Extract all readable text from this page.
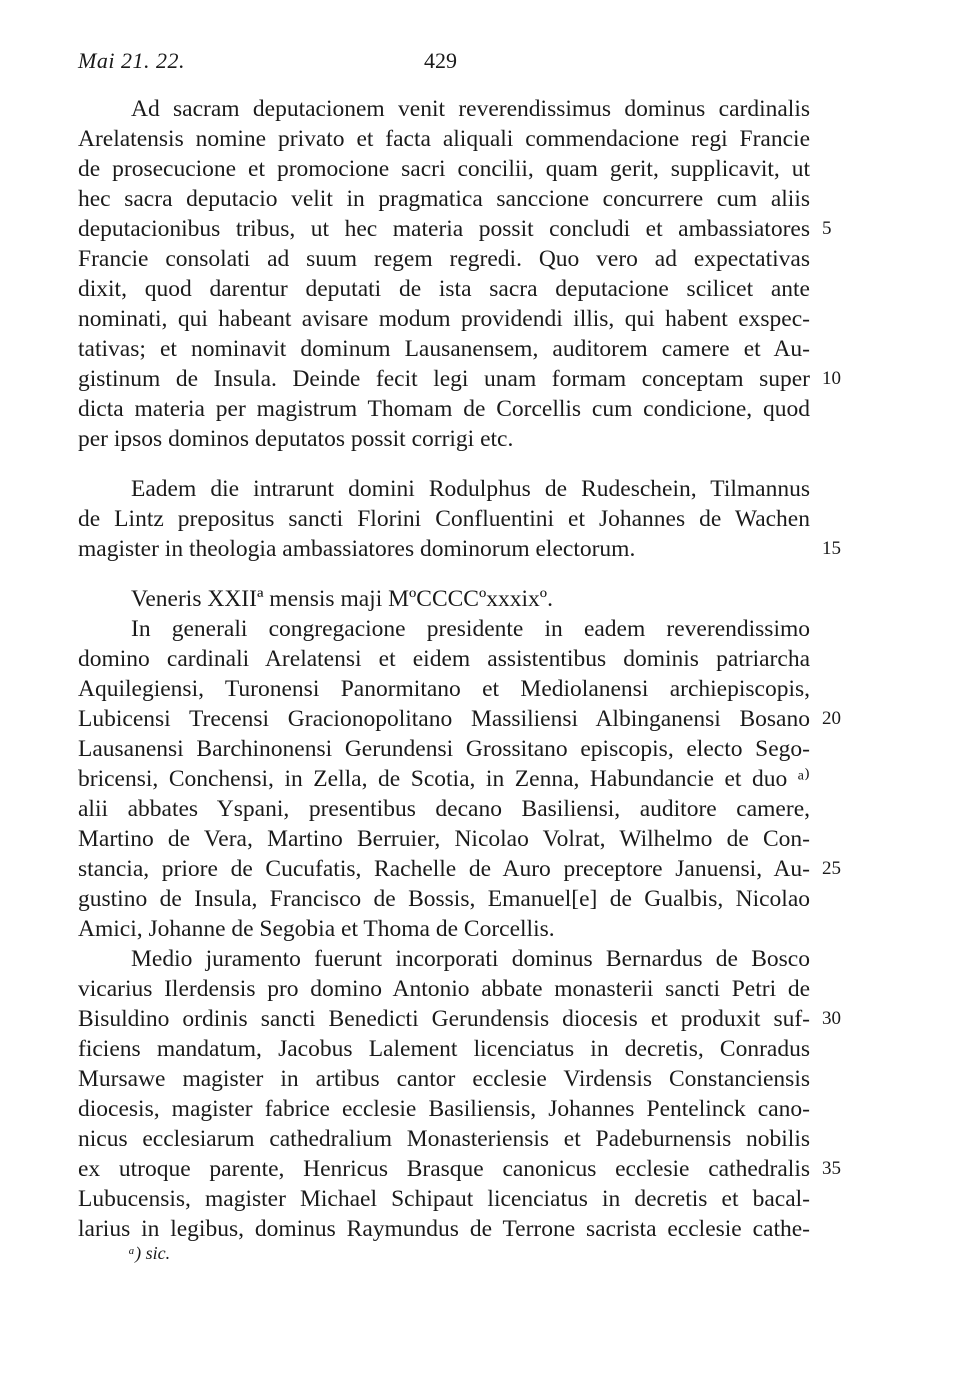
Mai 21. 22.	429
Ad sacram deputacionem venit reverendissimus dominus cardinalis
Arelatensis nomine privato et facta aliquali commendacione regi Francie
de prosecucione et promocione sacri concilii, quam gerit, supplicavit, ut
hec sacra deputacio velit in pragmatica sanccione concurrere cum aliis
deputacionibus tribus, ut hec materia possit concludi et ambassiatores
Francie consolati ad suum regem regredi. Quo vero ad expectativas
dixit, quod darentur deputati de ista sacra deputacione scilicet ante
nominati, qui habeant avisare modum providendi illis, qui habent exspec-
tativas; et nominavit dominum Lausanensem, auditorem camere et Au-
gistinum de Insula. Deinde fecit legi unam formam conceptam super
dicta materia per magistrum Thomam de Corcellis cum condicione, quod
per ipsos dominos deputatos possit corrigi etc.
Eadem die intrarunt domini Rodulphus de Rudeschein, Tilmannus
de Lintz prepositus sancti Florini Confluentini et Johannes de Wachen
magister in theologia ambassiatores dominorum electorum.
Veneris XXIIª mensis maji MºCCCCºxxxixº.
In generali congregacione presidente in eadem reverendissimo
domino cardinali Arelatensi et eidem assistentibus dominis patriarcha
Aquilegiensi, Turonensi Panormitano et Mediolanensi archiepiscopis,
Lubicensi Trecensi Gracionopolitano Massiliensi Albinganensi Bosano
Lausanensi Barchinonensi Gerundensi Grossitano episcopis, electo Sego-
bricensi, Conchensi, in Zella, de Scotia, in Zenna, Habundancie et duo ᵃ⁾
alii abbates Yspani, presentibus decano Basiliensi, auditore camere,
Martino de Vera, Martino Berruier, Nicolao Volrat, Wilhelmo de Con-
stancia, priore de Cucufatis, Rachelle de Auro preceptore Januensi, Au-
gustino de Insula, Francisco de Bossis, Emanuel[e] de Gualbis, Nicolao
Amici, Johanne de Segobia et Thoma de Corcellis.
Medio juramento fuerunt incorporati dominus Bernardus de Bosco
vicarius Ilerdensis pro domino Antonio abbate monasterii sancti Petri de
Bisuldino ordinis sancti Benedicti Gerundensis diocesis et produxit suf-
ficiens mandatum, Jacobus Lalement licenciatus in decretis, Conradus
Mursawe magister in artibus cantor ecclesie Virdensis Constanciensis
diocesis, magister fabrice ecclesie Basiliensis, Johannes Pentelinck cano-
nicus ecclesiarum cathedralium Monasteriensis et Padeburnensis nobilis
ex utroque parente, Henricus Brasque canonicus ecclesie cathedralis
Lubucensis, magister Michael Schipaut licenciatus in decretis et bacal-
larius in legibus, dominus Raymundus de Terrone sacrista ecclesie cathe-
5
10
15
20
25
30
35
ᵃ) sic.
